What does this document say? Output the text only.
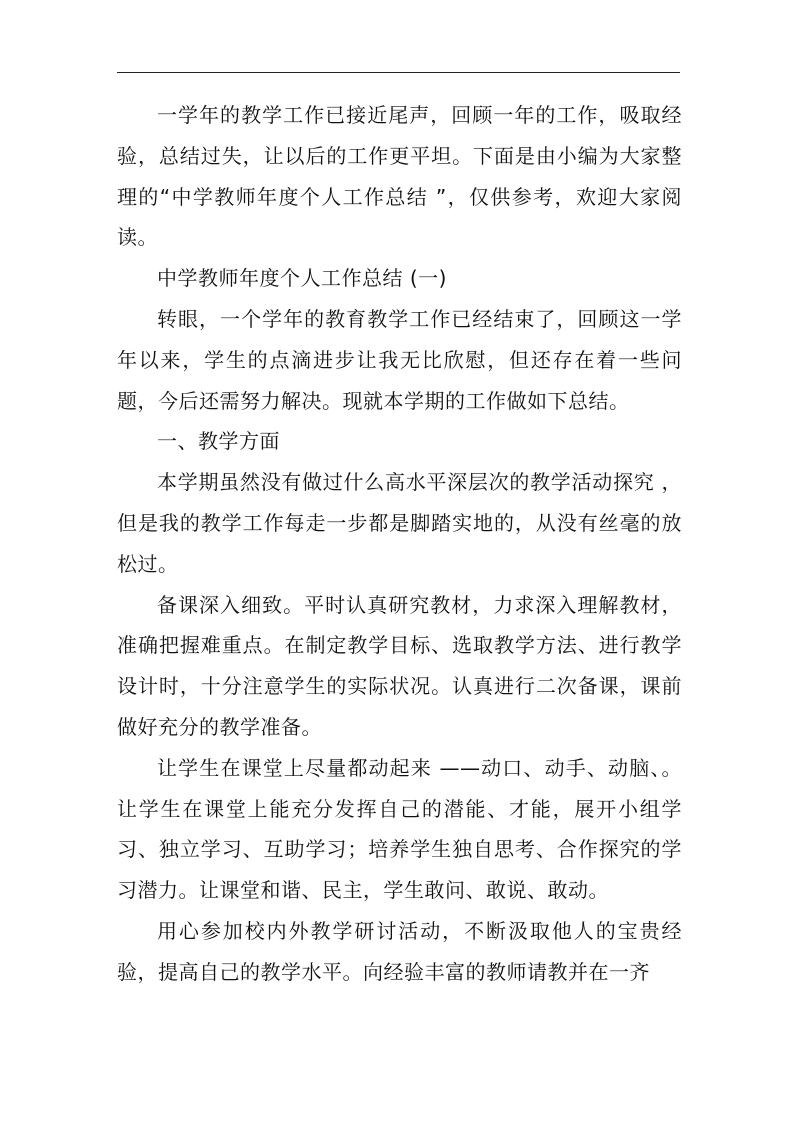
一学年的教学工作已接近尾声，回顾一年的工作，吸取经验，总结过失，让以后的工作更平坦。下面是由小编为大家整理的“中学教师年度个人工作总结 ”，仅供参考，欢迎大家阅读。

中学教师年度个人工作总结 (一)

转眼，一个学年的教育教学工作已经结束了，回顾这一学年以来，学生的点滴进步让我无比欣慰，但还存在着一些问题，今后还需努力解决。现就本学期的工作做如下总结。

一、教学方面

本学期虽然没有做过什么高水平深层次的教学活动探究 ，但是我的教学工作每走一步都是脚踏实地的，从没有丝毫的放松过。

备课深入细致。平时认真研究教材，力求深入理解教材，准确把握难重点。在制定教学目标、选取教学方法、进行教学设计时，十分注意学生的实际状况。认真进行二次备课，课前做好充分的教学准备。

让学生在课堂上尽量都动起来 ——动口、动手、动脑、。让学生在课堂上能充分发挥自己的潜能、才能，展开小组学习、独立学习、互助学习；培养学生独自思考、合作探究的学习潜力。让课堂和谐、民主，学生敢问、敢说、敢动。

用心参加校内外教学研讨活动，不断汲取他人的宝贵经验，提高自己的教学水平。向经验丰富的教师请教并在一齐
